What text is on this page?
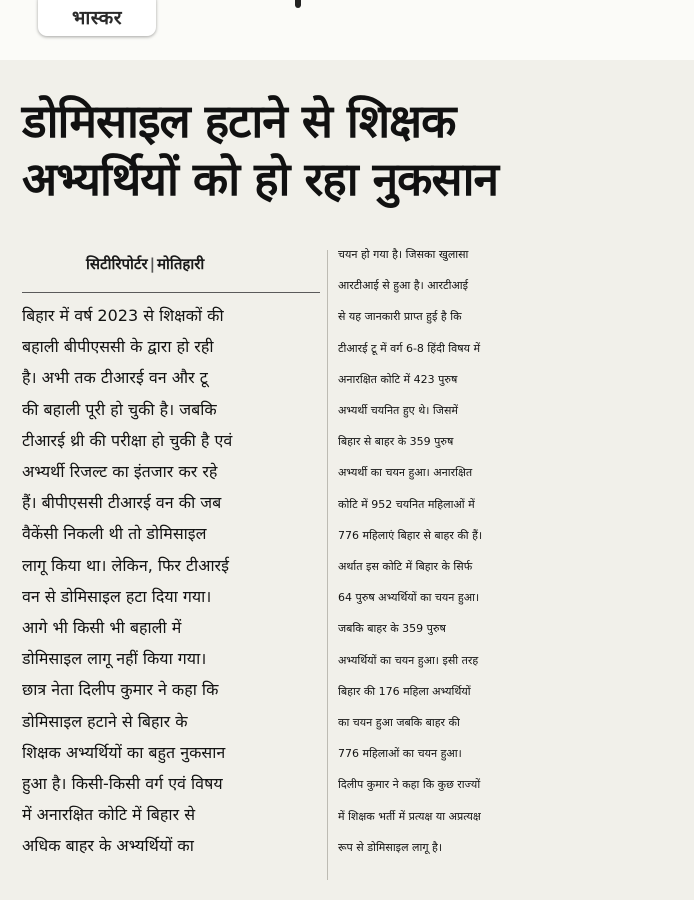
भास्कर
डोमिसाइल हटाने से शिक्षक
अभ्यर्थियों को हो रहा नुकसान
सिटीरिपोर्टर | मोतिहारी
बिहार में वर्ष 2023 से शिक्षकों की
बहाली बीपीएससी के द्वारा हो रही
है। अभी तक टीआरई वन और टू
की बहाली पूरी हो चुकी है। जबकि
टीआरई थ्री की परीक्षा हो चुकी है एवं
अभ्यर्थी रिजल्ट का इंतजार कर रहे
हैं। बीपीएससी टीआरई वन की जब
वैकेंसी निकली थी तो डोमिसाइल
लागू किया था। लेकिन, फिर टीआरई
वन से डोमिसाइल हटा दिया गया।
आगे भी किसी भी बहाली में
डोमिसाइल लागू नहीं किया गया।
छात्र नेता दिलीप कुमार ने कहा कि
डोमिसाइल हटाने से बिहार के
शिक्षक अभ्यर्थियों का बहुत नुकसान
हुआ है। किसी-किसी वर्ग एवं विषय
में अनारक्षित कोटि में बिहार से
अधिक बाहर के अभ्यर्थियों का
चयन हो गया है। जिसका खुलासा
आरटीआई से हुआ है। आरटीआई
से यह जानकारी प्राप्त हुई है कि
टीआरई टू में वर्ग 6-8 हिंदी विषय में
अनारक्षित कोटि में 423 पुरुष
अभ्यर्थी चयनित हुए थे। जिसमें
बिहार से बाहर के 359 पुरुष
अभ्यर्थी का चयन हुआ। अनारक्षित
कोटि में 952 चयनित महिलाओं में
776 महिलाएं बिहार से बाहर की हैं।
अर्थात इस कोटि में बिहार के सिर्फ
64 पुरुष अभ्यर्थियों का चयन हुआ।
जबकि बाहर के 359 पुरुष
अभ्यर्थियों का चयन हुआ। इसी तरह
बिहार की 176 महिला अभ्यर्थियों
का चयन हुआ जबकि बाहर की
776 महिलाओं का चयन हुआ।
दिलीप कुमार ने कहा कि कुछ राज्यों
में शिक्षक भर्ती में प्रत्यक्ष या अप्रत्यक्ष
रूप से डोमिसाइल लागू है।
